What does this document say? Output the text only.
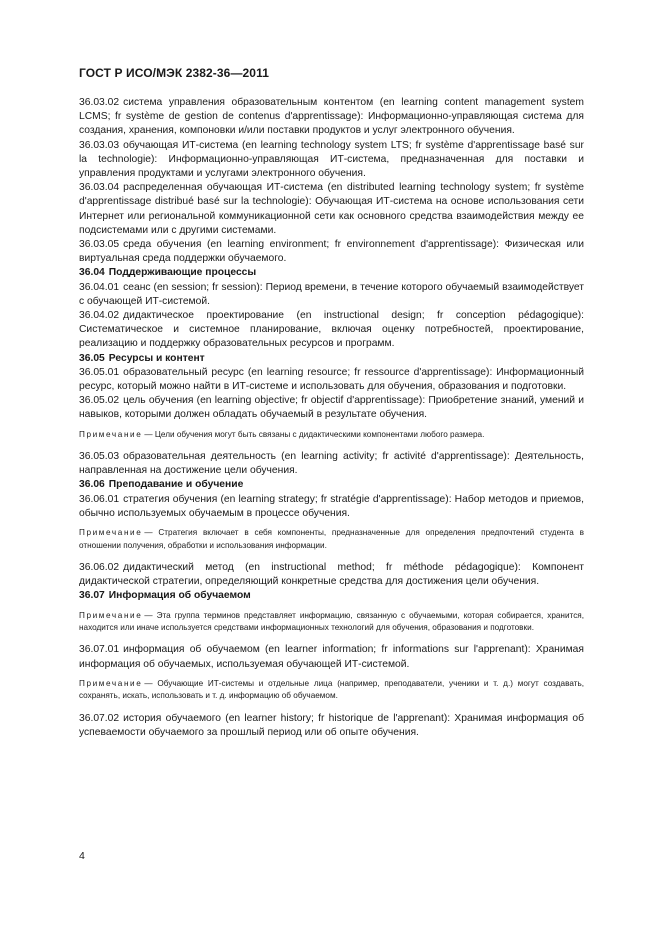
ГОСТ Р ИСО/МЭК 2382-36—2011

36.03.02 система управления образовательным контентом (en learning content management system LCMS; fr système de gestion de contenus d'apprentissage): Информационно-управляющая система для создания, хранения, компоновки и/или поставки продуктов и услуг электронного обучения.

36.03.03 обучающая ИТ-система (en learning technology system LTS; fr système d'apprentissage basé sur la technologie): Информационно-управляющая ИТ-система, предназначенная для поставки и управления продуктами и услугами электронного обучения.

36.03.04 распределенная обучающая ИТ-система (en distributed learning technology system; fr système d'apprentissage distribué basé sur la technologie): Обучающая ИТ-система на основе использования сети Интернет или региональной коммуникационной сети как основного средства взаимодействия между ее подсистемами или с другими системами.

36.03.05 среда обучения (en learning environment; fr environnement d'apprentissage): Физическая или виртуальная среда поддержки обучаемого.

36.04 Поддерживающие процессы

36.04.01 сеанс (en session; fr session): Период времени, в течение которого обучаемый взаимодействует с обучающей ИТ-системой.

36.04.02 дидактическое проектирование (en instructional design; fr conception pédagogique): Систематическое и системное планирование, включая оценку потребностей, проектирование, реализацию и поддержку образовательных ресурсов и программ.

36.05 Ресурсы и контент

36.05.01 образовательный ресурс (en learning resource; fr ressource d'apprentissage): Информационный ресурс, который можно найти в ИТ-системе и использовать для обучения, образования и подготовки.

36.05.02 цель обучения (en learning objective; fr objectif d'apprentissage): Приобретение знаний, умений и навыков, которыми должен обладать обучаемый в результате обучения.

Примечание — Цели обучения могут быть связаны с дидактическими компонентами любого размера.

36.05.03 образовательная деятельность (en learning activity; fr activité d'apprentissage): Деятельность, направленная на достижение цели обучения.

36.06 Преподавание и обучение

36.06.01 стратегия обучения (en learning strategy; fr stratégie d'apprentissage): Набор методов и приемов, обычно используемых обучаемым в процессе обучения.

Примечание — Стратегия включает в себя компоненты, предназначенные для определения предпочтений студента в отношении получения, обработки и использования информации.

36.06.02 дидактический метод (en instructional method; fr méthode pédagogique): Компонент дидактической стратегии, определяющий конкретные средства для достижения цели обучения.

36.07 Информация об обучаемом

Примечание — Эта группа терминов представляет информацию, связанную с обучаемыми, которая собирается, хранится, находится или иначе используется средствами информационных технологий для обучения, образования и подготовки.

36.07.01 информация об обучаемом (en learner information; fr informations sur l'apprenant): Хранимая информация об обучаемых, используемая обучающей ИТ-системой.

Примечание — Обучающие ИТ-системы и отдельные лица (например, преподаватели, ученики и т. д.) могут создавать, сохранять, искать, использовать и т. д. информацию об обучаемом.

36.07.02 история обучаемого (en learner history; fr historique de l'apprenant): Хранимая информация об успеваемости обучаемого за прошлый период или об опыте обучения.

4
